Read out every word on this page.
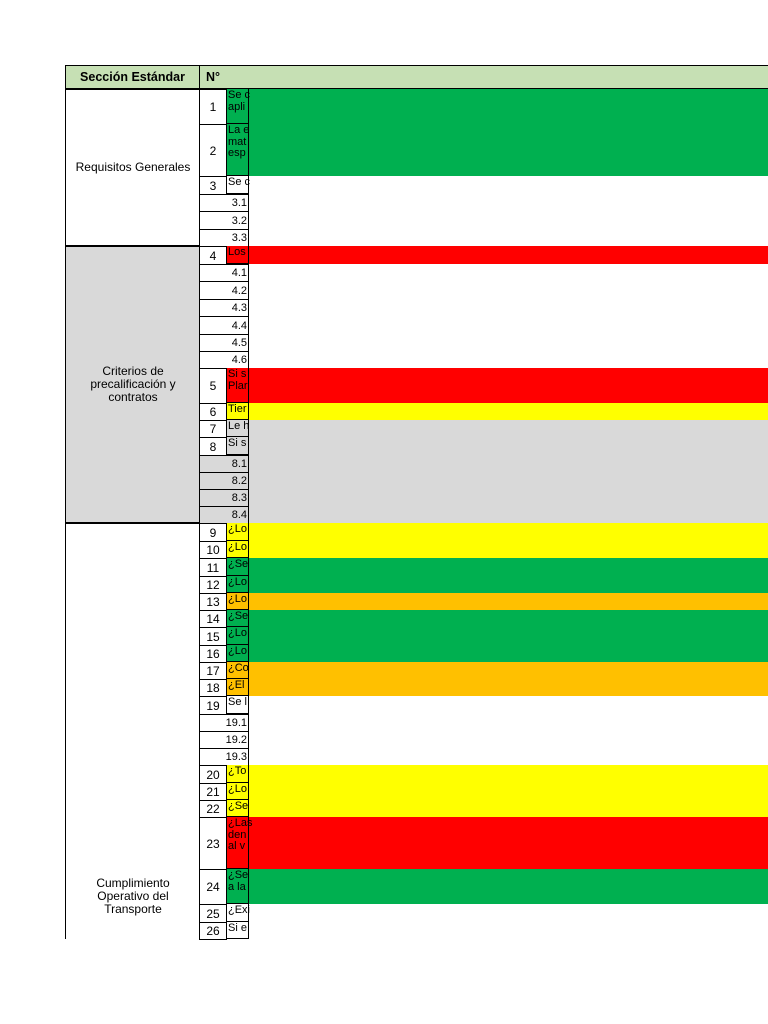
Sección Estándar N°
Requisitos Generales
Criterios de
precalificación y
contratos
Cumplimiento
Operativo del
Transporte
1
Se c
apli
2
La e
mat
esp
3 Se c
3.1
3.2
3.3
4 Los
4.1
4.2
4.3
4.4
4.5
4.6
5
Si s
Plar
6 Tier
7 Le h
8 Si s
8.1
8.2
8.3
8.4
9 ¿Lo
10 ¿Lo
11 ¿Se
12 ¿Lo
13 ¿Lo
14 ¿Se
15 ¿Lo
16 ¿Lo
17 ¿Co
18 ¿El
19 Se l
19.1
19.2
19.3
20 ¿To
21 ¿Lo
22 ¿Se
23
¿Las
den
al v
24
¿Se
a la
25 ¿Exi
26 Si e
